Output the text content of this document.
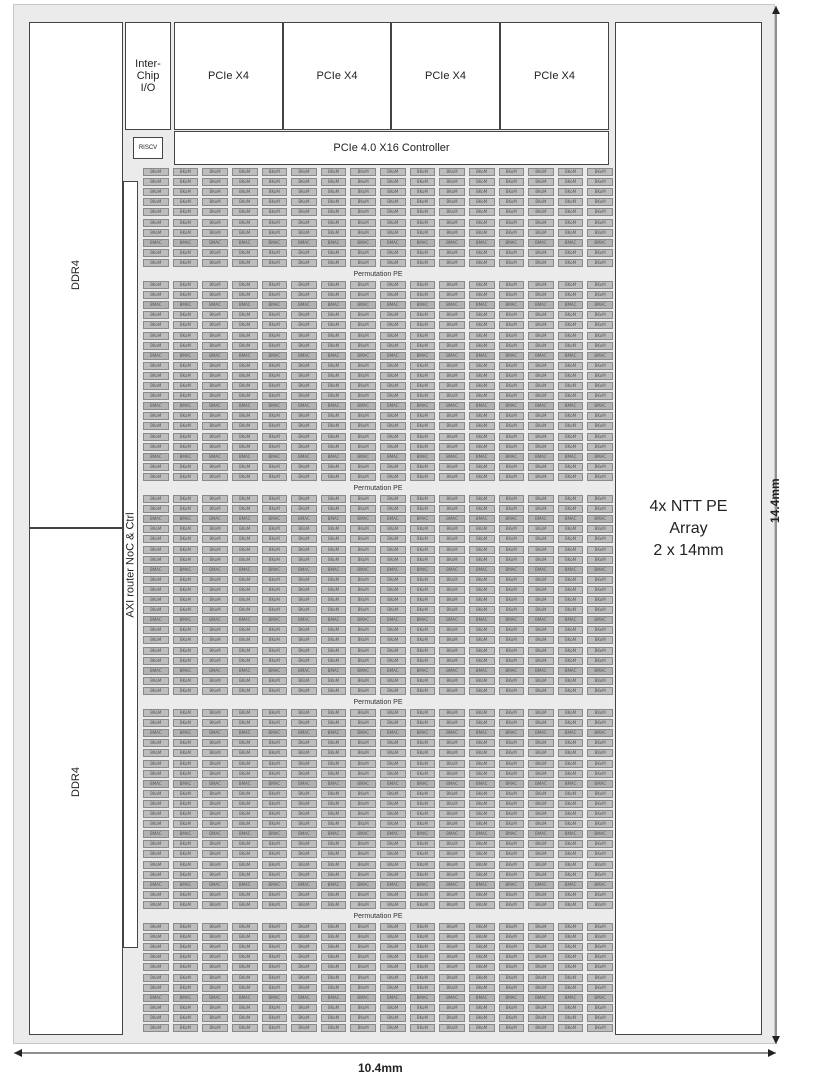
DDR4
DDR4
Inter-Chip I/O
PCIe X4	PCIe X4	PCIe X4	PCIe X4
RISCV	PCIe 4.0 X16 Controller
AXI router NoC & Ctrl
4x NTT PE
Array
2 x 14mm
BKoM	BKoM	BKoM	BKoM	BKoM	BKoM	BKoM	BKoM	BKoM	BKoM	BKoM	BKoM	BKoM	BKoM	BKoM	BKoM
BKoM	BKoM	BKoM	BKoM	BKoM	BKoM	BKoM	BKoM	BKoM	BKoM	BKoM	BKoM	BKoM	BKoM	BKoM	BKoM
BKoM	BKoM	BKoM	BKoM	BKoM	BKoM	BKoM	BKoM	BKoM	BKoM	BKoM	BKoM	BKoM	BKoM	BKoM	BKoM
BKoM	BKoM	BKoM	BKoM	BKoM	BKoM	BKoM	BKoM	BKoM	BKoM	BKoM	BKoM	BKoM	BKoM	BKoM	BKoM
BKoM	BKoM	BKoM	BKoM	BKoM	BKoM	BKoM	BKoM	BKoM	BKoM	BKoM	BKoM	BKoM	BKoM	BKoM	BKoM
BKoM	BKoM	BKoM	BKoM	BKoM	BKoM	BKoM	BKoM	BKoM	BKoM	BKoM	BKoM	BKoM	BKoM	BKoM	BKoM
BKoM	BKoM	BKoM	BKoM	BKoM	BKoM	BKoM	BKoM	BKoM	BKoM	BKoM	BKoM	BKoM	BKoM	BKoM	BKoM
BMAC	BMAC	BMAC	BMAC	BMAC	BMAC	BMAC	BMAC	BMAC	BMAC	BMAC	BMAC	BMAC	BMAC	BMAC	BMAC
BKoM	BKoM	BKoM	BKoM	BKoM	BKoM	BKoM	BKoM	BKoM	BKoM	BKoM	BKoM	BKoM	BKoM	BKoM	BKoM
BKoM	BKoM	BKoM	BKoM	BKoM	BKoM	BKoM	BKoM	BKoM	BKoM	BKoM	BKoM	BKoM	BKoM	BKoM	BKoM
Permutation PE
BKoM	BKoM	BKoM	BKoM	BKoM	BKoM	BKoM	BKoM	BKoM	BKoM	BKoM	BKoM	BKoM	BKoM	BKoM	BKoM
BKoM	BKoM	BKoM	BKoM	BKoM	BKoM	BKoM	BKoM	BKoM	BKoM	BKoM	BKoM	BKoM	BKoM	BKoM	BKoM
BMAC	BMAC	BMAC	BMAC	BMAC	BMAC	BMAC	BMAC	BMAC	BMAC	BMAC	BMAC	BMAC	BMAC	BMAC	BMAC
BKoM	BKoM	BKoM	BKoM	BKoM	BKoM	BKoM	BKoM	BKoM	BKoM	BKoM	BKoM	BKoM	BKoM	BKoM	BKoM
BKoM	BKoM	BKoM	BKoM	BKoM	BKoM	BKoM	BKoM	BKoM	BKoM	BKoM	BKoM	BKoM	BKoM	BKoM	BKoM
BKoM	BKoM	BKoM	BKoM	BKoM	BKoM	BKoM	BKoM	BKoM	BKoM	BKoM	BKoM	BKoM	BKoM	BKoM	BKoM
BKoM	BKoM	BKoM	BKoM	BKoM	BKoM	BKoM	BKoM	BKoM	BKoM	BKoM	BKoM	BKoM	BKoM	BKoM	BKoM
BMAC	BMAC	BMAC	BMAC	BMAC	BMAC	BMAC	BMAC	BMAC	BMAC	BMAC	BMAC	BMAC	BMAC	BMAC	BMAC
BKoM	BKoM	BKoM	BKoM	BKoM	BKoM	BKoM	BKoM	BKoM	BKoM	BKoM	BKoM	BKoM	BKoM	BKoM	BKoM
BKoM	BKoM	BKoM	BKoM	BKoM	BKoM	BKoM	BKoM	BKoM	BKoM	BKoM	BKoM	BKoM	BKoM	BKoM	BKoM
BKoM	BKoM	BKoM	BKoM	BKoM	BKoM	BKoM	BKoM	BKoM	BKoM	BKoM	BKoM	BKoM	BKoM	BKoM	BKoM
BKoM	BKoM	BKoM	BKoM	BKoM	BKoM	BKoM	BKoM	BKoM	BKoM	BKoM	BKoM	BKoM	BKoM	BKoM	BKoM
BMAC	BMAC	BMAC	BMAC	BMAC	BMAC	BMAC	BMAC	BMAC	BMAC	BMAC	BMAC	BMAC	BMAC	BMAC	BMAC
BKoM	BKoM	BKoM	BKoM	BKoM	BKoM	BKoM	BKoM	BKoM	BKoM	BKoM	BKoM	BKoM	BKoM	BKoM	BKoM
BKoM	BKoM	BKoM	BKoM	BKoM	BKoM	BKoM	BKoM	BKoM	BKoM	BKoM	BKoM	BKoM	BKoM	BKoM	BKoM
BKoM	BKoM	BKoM	BKoM	BKoM	BKoM	BKoM	BKoM	BKoM	BKoM	BKoM	BKoM	BKoM	BKoM	BKoM	BKoM
BKoM	BKoM	BKoM	BKoM	BKoM	BKoM	BKoM	BKoM	BKoM	BKoM	BKoM	BKoM	BKoM	BKoM	BKoM	BKoM
BMAC	BMAC	BMAC	BMAC	BMAC	BMAC	BMAC	BMAC	BMAC	BMAC	BMAC	BMAC	BMAC	BMAC	BMAC	BMAC
BKoM	BKoM	BKoM	BKoM	BKoM	BKoM	BKoM	BKoM	BKoM	BKoM	BKoM	BKoM	BKoM	BKoM	BKoM	BKoM
BKoM	BKoM	BKoM	BKoM	BKoM	BKoM	BKoM	BKoM	BKoM	BKoM	BKoM	BKoM	BKoM	BKoM	BKoM	BKoM
Permutation PE
BKoM	BKoM	BKoM	BKoM	BKoM	BKoM	BKoM	BKoM	BKoM	BKoM	BKoM	BKoM	BKoM	BKoM	BKoM	BKoM
BKoM	BKoM	BKoM	BKoM	BKoM	BKoM	BKoM	BKoM	BKoM	BKoM	BKoM	BKoM	BKoM	BKoM	BKoM	BKoM
BMAC	BMAC	BMAC	BMAC	BMAC	BMAC	BMAC	BMAC	BMAC	BMAC	BMAC	BMAC	BMAC	BMAC	BMAC	BMAC
BKoM	BKoM	BKoM	BKoM	BKoM	BKoM	BKoM	BKoM	BKoM	BKoM	BKoM	BKoM	BKoM	BKoM	BKoM	BKoM
BKoM	BKoM	BKoM	BKoM	BKoM	BKoM	BKoM	BKoM	BKoM	BKoM	BKoM	BKoM	BKoM	BKoM	BKoM	BKoM
BKoM	BKoM	BKoM	BKoM	BKoM	BKoM	BKoM	BKoM	BKoM	BKoM	BKoM	BKoM	BKoM	BKoM	BKoM	BKoM
BKoM	BKoM	BKoM	BKoM	BKoM	BKoM	BKoM	BKoM	BKoM	BKoM	BKoM	BKoM	BKoM	BKoM	BKoM	BKoM
BMAC	BMAC	BMAC	BMAC	BMAC	BMAC	BMAC	BMAC	BMAC	BMAC	BMAC	BMAC	BMAC	BMAC	BMAC	BMAC
BKoM	BKoM	BKoM	BKoM	BKoM	BKoM	BKoM	BKoM	BKoM	BKoM	BKoM	BKoM	BKoM	BKoM	BKoM	BKoM
BKoM	BKoM	BKoM	BKoM	BKoM	BKoM	BKoM	BKoM	BKoM	BKoM	BKoM	BKoM	BKoM	BKoM	BKoM	BKoM
BKoM	BKoM	BKoM	BKoM	BKoM	BKoM	BKoM	BKoM	BKoM	BKoM	BKoM	BKoM	BKoM	BKoM	BKoM	BKoM
BKoM	BKoM	BKoM	BKoM	BKoM	BKoM	BKoM	BKoM	BKoM	BKoM	BKoM	BKoM	BKoM	BKoM	BKoM	BKoM
BMAC	BMAC	BMAC	BMAC	BMAC	BMAC	BMAC	BMAC	BMAC	BMAC	BMAC	BMAC	BMAC	BMAC	BMAC	BMAC
BKoM	BKoM	BKoM	BKoM	BKoM	BKoM	BKoM	BKoM	BKoM	BKoM	BKoM	BKoM	BKoM	BKoM	BKoM	BKoM
BKoM	BKoM	BKoM	BKoM	BKoM	BKoM	BKoM	BKoM	BKoM	BKoM	BKoM	BKoM	BKoM	BKoM	BKoM	BKoM
BKoM	BKoM	BKoM	BKoM	BKoM	BKoM	BKoM	BKoM	BKoM	BKoM	BKoM	BKoM	BKoM	BKoM	BKoM	BKoM
BKoM	BKoM	BKoM	BKoM	BKoM	BKoM	BKoM	BKoM	BKoM	BKoM	BKoM	BKoM	BKoM	BKoM	BKoM	BKoM
BMAC	BMAC	BMAC	BMAC	BMAC	BMAC	BMAC	BMAC	BMAC	BMAC	BMAC	BMAC	BMAC	BMAC	BMAC	BMAC
BKoM	BKoM	BKoM	BKoM	BKoM	BKoM	BKoM	BKoM	BKoM	BKoM	BKoM	BKoM	BKoM	BKoM	BKoM	BKoM
BKoM	BKoM	BKoM	BKoM	BKoM	BKoM	BKoM	BKoM	BKoM	BKoM	BKoM	BKoM	BKoM	BKoM	BKoM	BKoM
Permutation PE
BKoM	BKoM	BKoM	BKoM	BKoM	BKoM	BKoM	BKoM	BKoM	BKoM	BKoM	BKoM	BKoM	BKoM	BKoM	BKoM
BKoM	BKoM	BKoM	BKoM	BKoM	BKoM	BKoM	BKoM	BKoM	BKoM	BKoM	BKoM	BKoM	BKoM	BKoM	BKoM
BMAC	BMAC	BMAC	BMAC	BMAC	BMAC	BMAC	BMAC	BMAC	BMAC	BMAC	BMAC	BMAC	BMAC	BMAC	BMAC
BKoM	BKoM	BKoM	BKoM	BKoM	BKoM	BKoM	BKoM	BKoM	BKoM	BKoM	BKoM	BKoM	BKoM	BKoM	BKoM
BKoM	BKoM	BKoM	BKoM	BKoM	BKoM	BKoM	BKoM	BKoM	BKoM	BKoM	BKoM	BKoM	BKoM	BKoM	BKoM
BKoM	BKoM	BKoM	BKoM	BKoM	BKoM	BKoM	BKoM	BKoM	BKoM	BKoM	BKoM	BKoM	BKoM	BKoM	BKoM
BKoM	BKoM	BKoM	BKoM	BKoM	BKoM	BKoM	BKoM	BKoM	BKoM	BKoM	BKoM	BKoM	BKoM	BKoM	BKoM
BMAC	BMAC	BMAC	BMAC	BMAC	BMAC	BMAC	BMAC	BMAC	BMAC	BMAC	BMAC	BMAC	BMAC	BMAC	BMAC
BKoM	BKoM	BKoM	BKoM	BKoM	BKoM	BKoM	BKoM	BKoM	BKoM	BKoM	BKoM	BKoM	BKoM	BKoM	BKoM
BKoM	BKoM	BKoM	BKoM	BKoM	BKoM	BKoM	BKoM	BKoM	BKoM	BKoM	BKoM	BKoM	BKoM	BKoM	BKoM
BKoM	BKoM	BKoM	BKoM	BKoM	BKoM	BKoM	BKoM	BKoM	BKoM	BKoM	BKoM	BKoM	BKoM	BKoM	BKoM
BKoM	BKoM	BKoM	BKoM	BKoM	BKoM	BKoM	BKoM	BKoM	BKoM	BKoM	BKoM	BKoM	BKoM	BKoM	BKoM
BMAC	BMAC	BMAC	BMAC	BMAC	BMAC	BMAC	BMAC	BMAC	BMAC	BMAC	BMAC	BMAC	BMAC	BMAC	BMAC
BKoM	BKoM	BKoM	BKoM	BKoM	BKoM	BKoM	BKoM	BKoM	BKoM	BKoM	BKoM	BKoM	BKoM	BKoM	BKoM
BKoM	BKoM	BKoM	BKoM	BKoM	BKoM	BKoM	BKoM	BKoM	BKoM	BKoM	BKoM	BKoM	BKoM	BKoM	BKoM
BKoM	BKoM	BKoM	BKoM	BKoM	BKoM	BKoM	BKoM	BKoM	BKoM	BKoM	BKoM	BKoM	BKoM	BKoM	BKoM
BKoM	BKoM	BKoM	BKoM	BKoM	BKoM	BKoM	BKoM	BKoM	BKoM	BKoM	BKoM	BKoM	BKoM	BKoM	BKoM
BMAC	BMAC	BMAC	BMAC	BMAC	BMAC	BMAC	BMAC	BMAC	BMAC	BMAC	BMAC	BMAC	BMAC	BMAC	BMAC
BKoM	BKoM	BKoM	BKoM	BKoM	BKoM	BKoM	BKoM	BKoM	BKoM	BKoM	BKoM	BKoM	BKoM	BKoM	BKoM
BKoM	BKoM	BKoM	BKoM	BKoM	BKoM	BKoM	BKoM	BKoM	BKoM	BKoM	BKoM	BKoM	BKoM	BKoM	BKoM
Permutation PE
BKoM	BKoM	BKoM	BKoM	BKoM	BKoM	BKoM	BKoM	BKoM	BKoM	BKoM	BKoM	BKoM	BKoM	BKoM	BKoM
BKoM	BKoM	BKoM	BKoM	BKoM	BKoM	BKoM	BKoM	BKoM	BKoM	BKoM	BKoM	BKoM	BKoM	BKoM	BKoM
BKoM	BKoM	BKoM	BKoM	BKoM	BKoM	BKoM	BKoM	BKoM	BKoM	BKoM	BKoM	BKoM	BKoM	BKoM	BKoM
BKoM	BKoM	BKoM	BKoM	BKoM	BKoM	BKoM	BKoM	BKoM	BKoM	BKoM	BKoM	BKoM	BKoM	BKoM	BKoM
BKoM	BKoM	BKoM	BKoM	BKoM	BKoM	BKoM	BKoM	BKoM	BKoM	BKoM	BKoM	BKoM	BKoM	BKoM	BKoM
BKoM	BKoM	BKoM	BKoM	BKoM	BKoM	BKoM	BKoM	BKoM	BKoM	BKoM	BKoM	BKoM	BKoM	BKoM	BKoM
BKoM	BKoM	BKoM	BKoM	BKoM	BKoM	BKoM	BKoM	BKoM	BKoM	BKoM	BKoM	BKoM	BKoM	BKoM	BKoM
BMAC	BMAC	BMAC	BMAC	BMAC	BMAC	BMAC	BMAC	BMAC	BMAC	BMAC	BMAC	BMAC	BMAC	BMAC	BMAC
BKoM	BKoM	BKoM	BKoM	BKoM	BKoM	BKoM	BKoM	BKoM	BKoM	BKoM	BKoM	BKoM	BKoM	BKoM	BKoM
BKoM	BKoM	BKoM	BKoM	BKoM	BKoM	BKoM	BKoM	BKoM	BKoM	BKoM	BKoM	BKoM	BKoM	BKoM	BKoM
BKoM	BKoM	BKoM	BKoM	BKoM	BKoM	BKoM	BKoM	BKoM	BKoM	BKoM	BKoM	BKoM	BKoM	BKoM	BKoM
10.4mm
14.4mm
